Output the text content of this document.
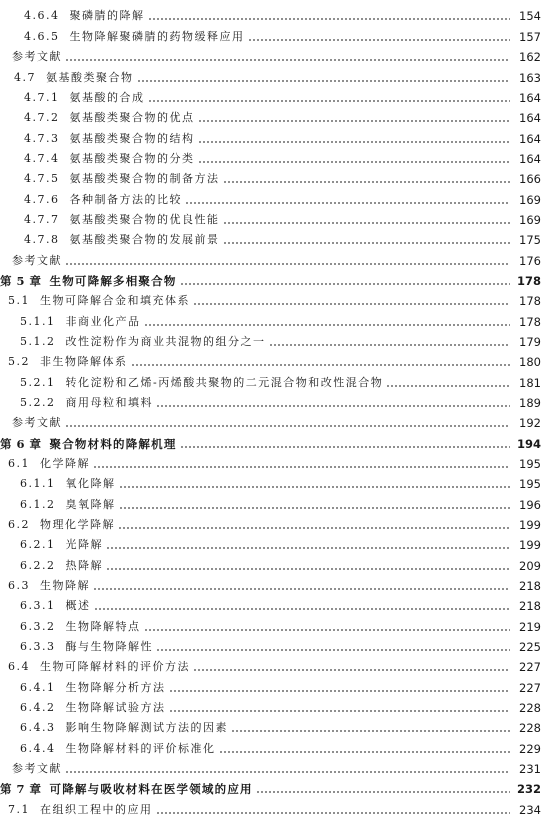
4.6.4 聚磷腈的降解	154
4.6.5 生物降解聚磷腈的药物缓释应用	157
参考文献	162
4.7 氨基酸类聚合物	163
4.7.1 氨基酸的合成	164
4.7.2 氨基酸类聚合物的优点	164
4.7.3 氨基酸类聚合物的结构	164
4.7.4 氨基酸类聚合物的分类	164
4.7.5 氨基酸类聚合物的制备方法	166
4.7.6 各种制备方法的比较	169
4.7.7 氨基酸类聚合物的优良性能	169
4.7.8 氨基酸类聚合物的发展前景	175
参考文献	176
第 5 章 生物可降解多相聚合物	178
5.1 生物可降解合金和填充体系	178
5.1.1 非商业化产品	178
5.1.2 改性淀粉作为商业共混物的组分之一	179
5.2 非生物降解体系	180
5.2.1 转化淀粉和乙烯-丙烯酸共聚物的二元混合物和改性混合物	181
5.2.2 商用母粒和填料	189
参考文献	192
第 6 章 聚合物材料的降解机理	194
6.1 化学降解	195
6.1.1 氧化降解	195
6.1.2 臭氧降解	196
6.2 物理化学降解	199
6.2.1 光降解	199
6.2.2 热降解	209
6.3 生物降解	218
6.3.1 概述	218
6.3.2 生物降解特点	219
6.3.3 酶与生物降解性	225
6.4 生物可降解材料的评价方法	227
6.4.1 生物降解分析方法	227
6.4.2 生物降解试验方法	228
6.4.3 影响生物降解测试方法的因素	228
6.4.4 生物降解材料的评价标准化	229
参考文献	231
第 7 章 可降解与吸收材料在医学领域的应用	232
7.1 在组织工程中的应用	234
